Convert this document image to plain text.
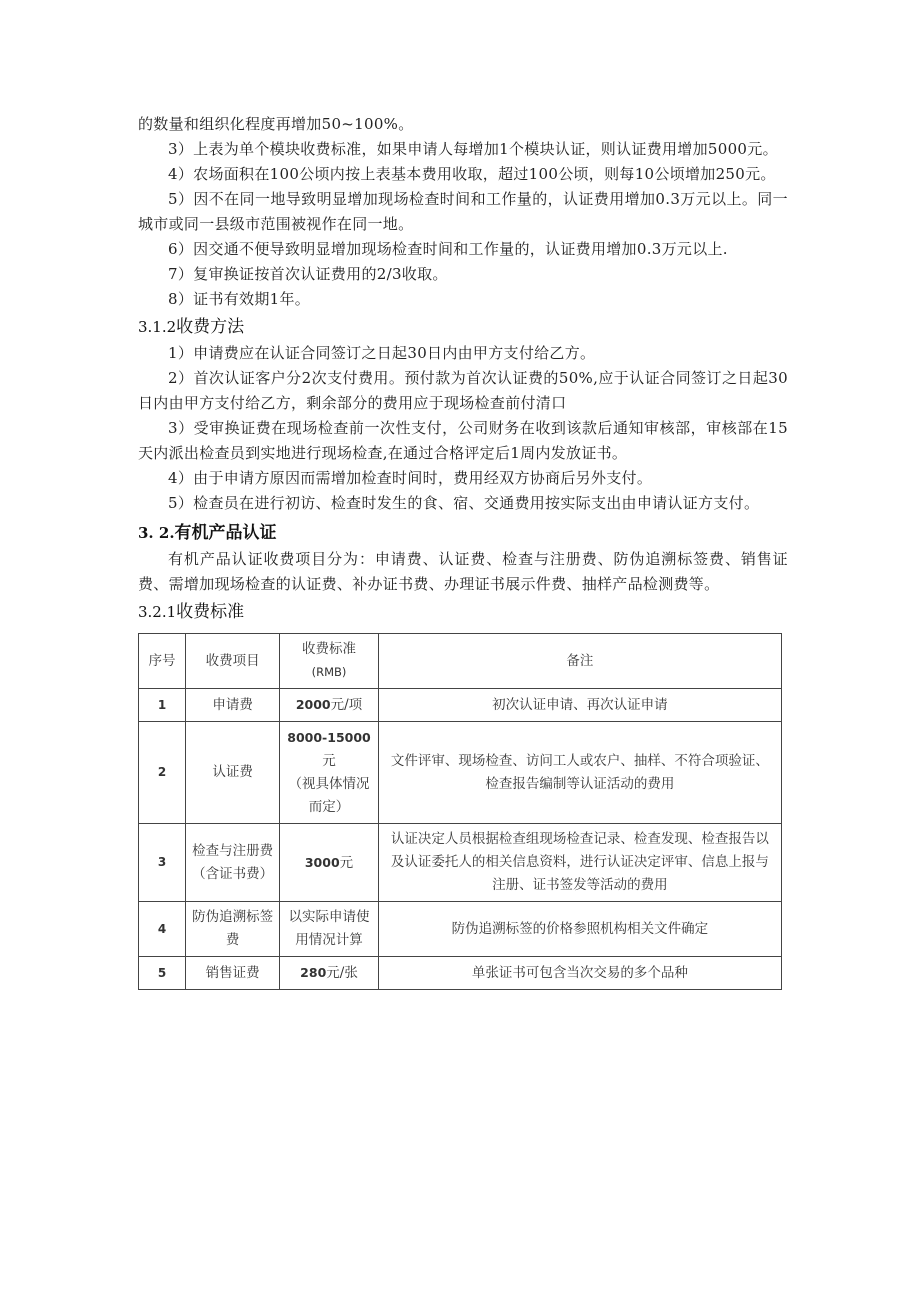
的数量和组织化程度再增加50~100%。

3）上表为单个模块收费标准，如果申请人每增加1个模块认证，则认证费用增加5000元。

4）农场面积在100公顷内按上表基本费用收取，超过100公顷，则每10公顷增加250元。

5）因不在同一地导致明显增加现场检查时间和工作量的，认证费用增加0.3万元以上。同一城市或同一县级市范围被视作在同一地。

6）因交通不便导致明显增加现场检查时间和工作量的，认证费用增加0.3万元以上.

7）复审换证按首次认证费用的2/3收取。

8）证书有效期1年。

3.1.2收费方法

1）申请费应在认证合同签订之日起30日内由甲方支付给乙方。

2）首次认证客户分2次支付费用。预付款为首次认证费的50%,应于认证合同签订之日起30日内由甲方支付给乙方，剩余部分的费用应于现场检查前付清口

3）受审换证费在现场检查前一次性支付，公司财务在收到该款后通知审核部，审核部在15天内派出检查员到实地进行现场检查,在通过合格评定后1周内发放证书。

4）由于申请方原因而需增加检查时间时，费用经双方协商后另外支付。

5）检查员在进行初访、检查时发生的食、宿、交通费用按实际支出由申请认证方支付。

3. 2.有机产品认证

有机产品认证收费项目分为：申请费、认证费、检查与注册费、防伪追溯标签费、销售证费、需增加现场检查的认证费、补办证书费、办理证书展示件费、抽样产品检测费等。

3.2.1收费标准
序号	收费项目	收费标准(RMB)	备注
1	申请费	2000元/项	初次认证申请、再次认证申请
2	认证费	8000-15000元
（视具体情况而定）	文件评审、现场检查、访问工人或农户、抽样、不符合项验证、检查报告编制等认证活动的费用
3	检查与注册费（含证书费）	3000元	认证决定人员根据检查组现场检查记录、检查发现、检查报告以及认证委托人的相关信息资料，进行认证决定评审、信息上报与注册、证书签发等活动的费用
4	防伪追溯标签费	以实际申请使用情况计算	防伪追溯标签的价格参照机构相关文件确定
5	销售证费	280元/张	单张证书可包含当次交易的多个品种
